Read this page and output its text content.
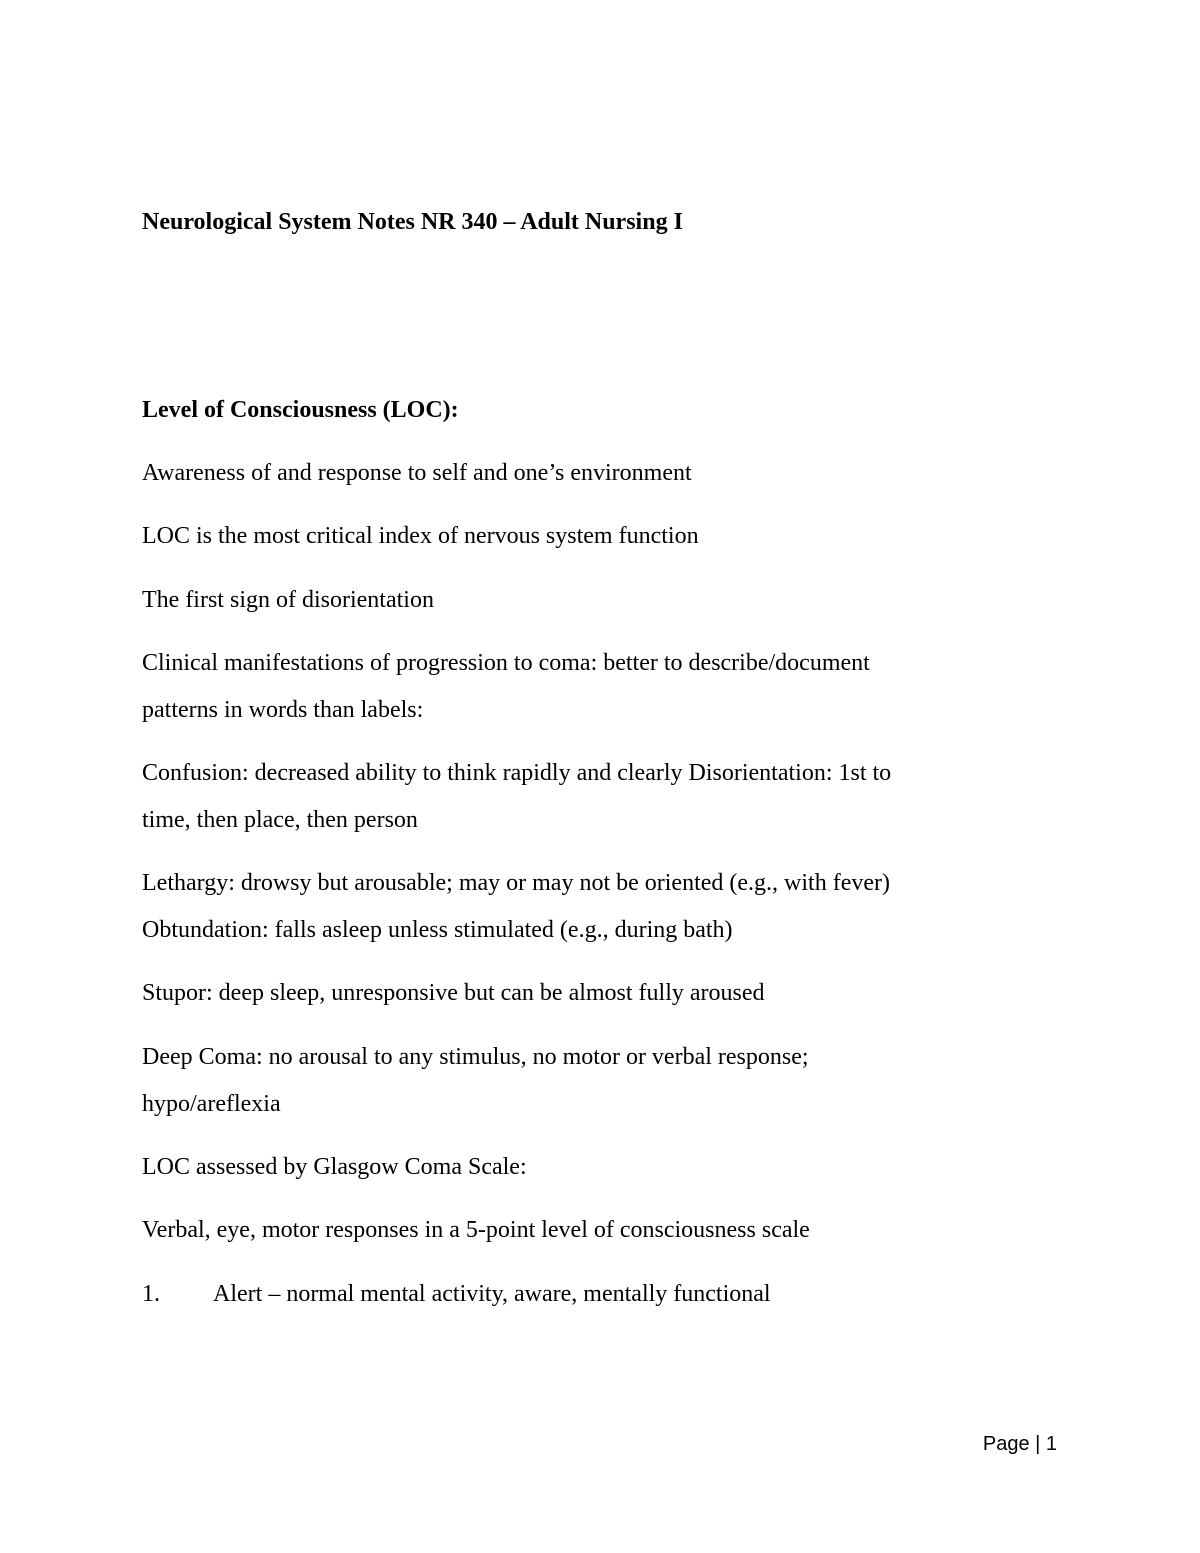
Neurological System Notes NR 340 – Adult Nursing I
Level of Consciousness (LOC):
Awareness of and response to self and one’s environment
LOC is the most critical index of nervous system function
The first sign of disorientation
Clinical manifestations of progression to coma: better to describe/document
patterns in words than labels:
Confusion: decreased ability to think rapidly and clearly Disorientation: 1st to
time, then place, then person
Lethargy: drowsy but arousable; may or may not be oriented (e.g., with fever)
Obtundation: falls asleep unless stimulated (e.g., during bath)
Stupor: deep sleep, unresponsive but can be almost fully aroused
Deep Coma: no arousal to any stimulus, no motor or verbal response;
hypo/areflexia
LOC assessed by Glasgow Coma Scale:
Verbal, eye, motor responses in a 5-point level of consciousness scale
1. Alert – normal mental activity, aware, mentally functional
Page | 1
